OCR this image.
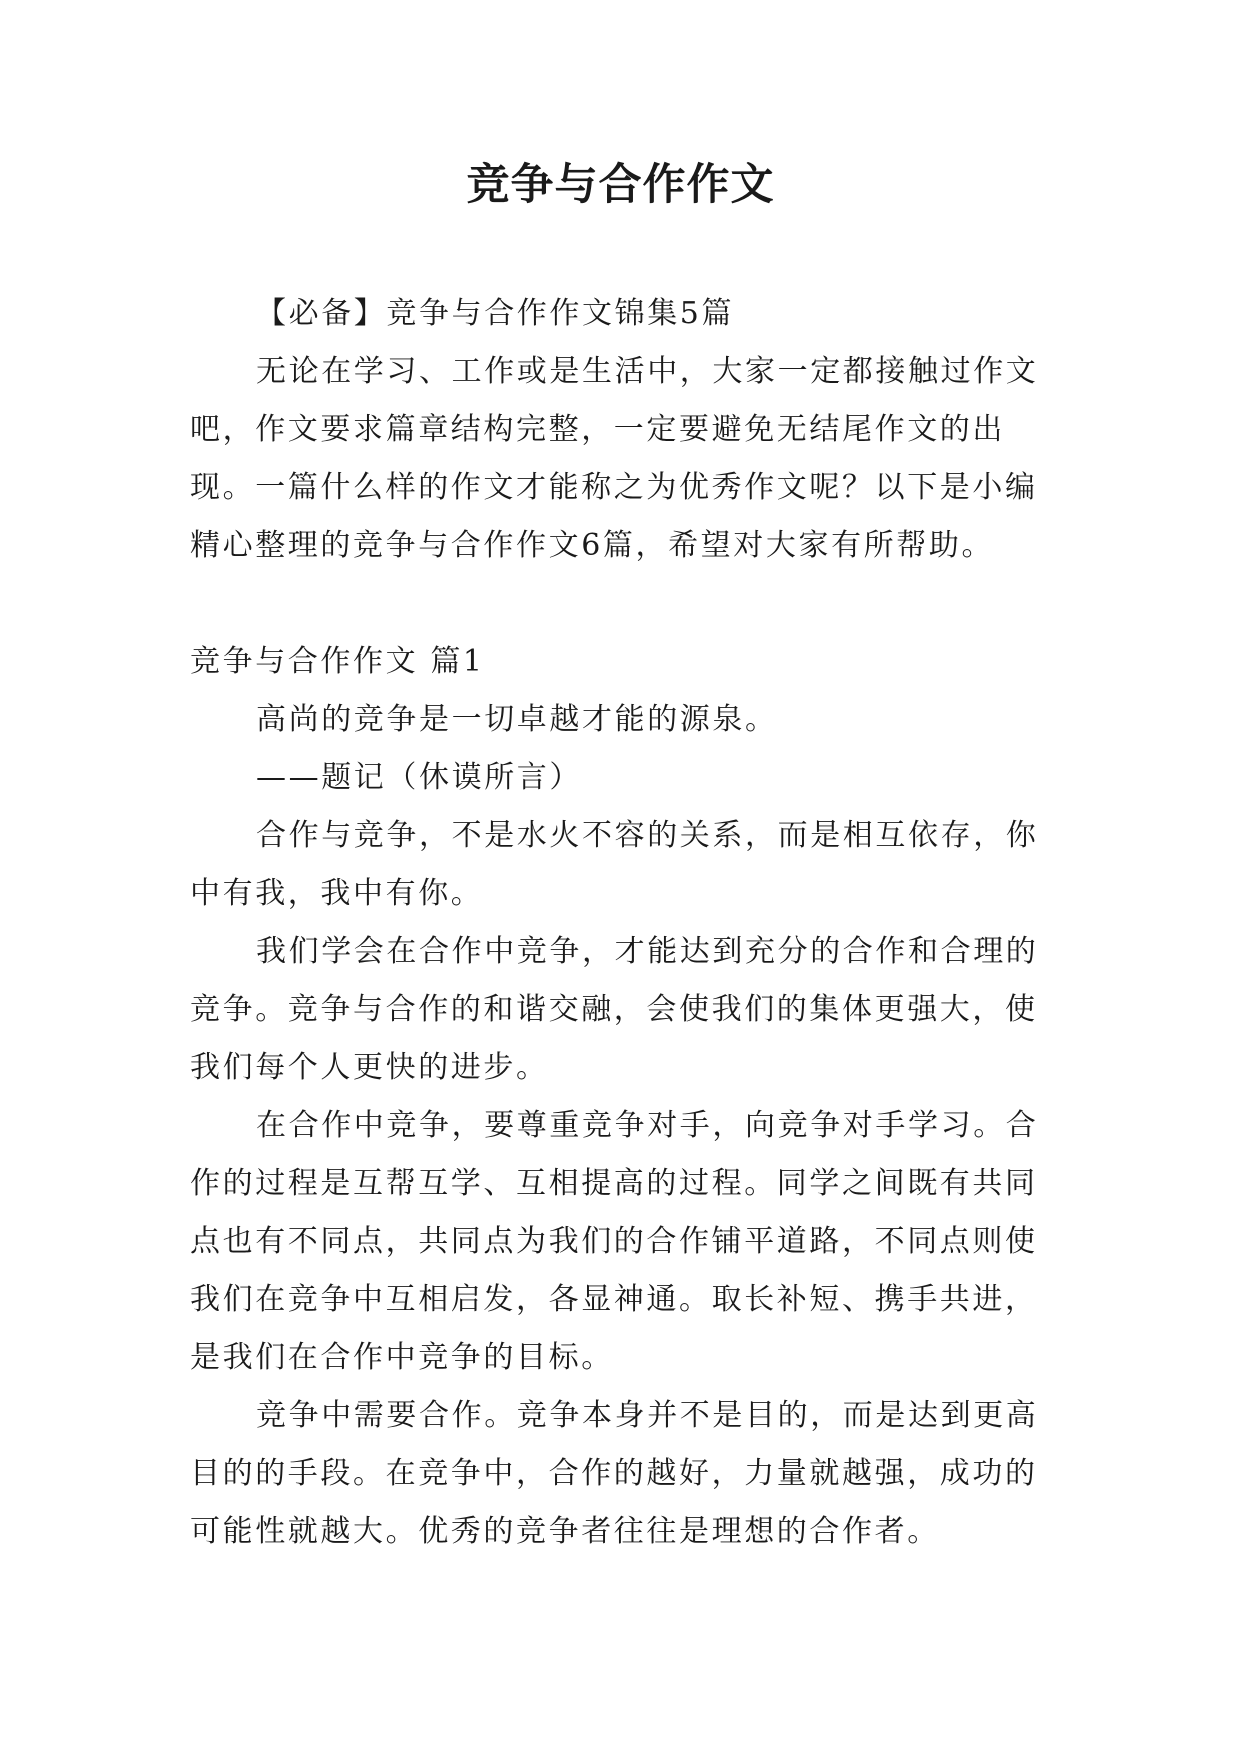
竞争与合作作文

【必备】竞争与合作作文锦集5篇

无论在学习、工作或是生活中，大家一定都接触过作文吧，作文要求篇章结构完整，一定要避免无结尾作文的出现。一篇什么样的作文才能称之为优秀作文呢？以下是小编精心整理的竞争与合作作文6篇，希望对大家有所帮助。

竞争与合作作文 篇1

高尚的竞争是一切卓越才能的源泉。

——题记（休谟所言）

合作与竞争，不是水火不容的关系，而是相互依存，你中有我，我中有你。

我们学会在合作中竞争，才能达到充分的合作和合理的竞争。竞争与合作的和谐交融，会使我们的集体更强大，使我们每个人更快的进步。

在合作中竞争，要尊重竞争对手，向竞争对手学习。合作的过程是互帮互学、互相提高的过程。同学之间既有共同点也有不同点，共同点为我们的合作铺平道路，不同点则使我们在竞争中互相启发，各显神通。取长补短、携手共进，是我们在合作中竞争的目标。

竞争中需要合作。竞争本身并不是目的，而是达到更高目的的手段。在竞争中，合作的越好，力量就越强，成功的可能性就越大。优秀的竞争者往往是理想的合作者。
